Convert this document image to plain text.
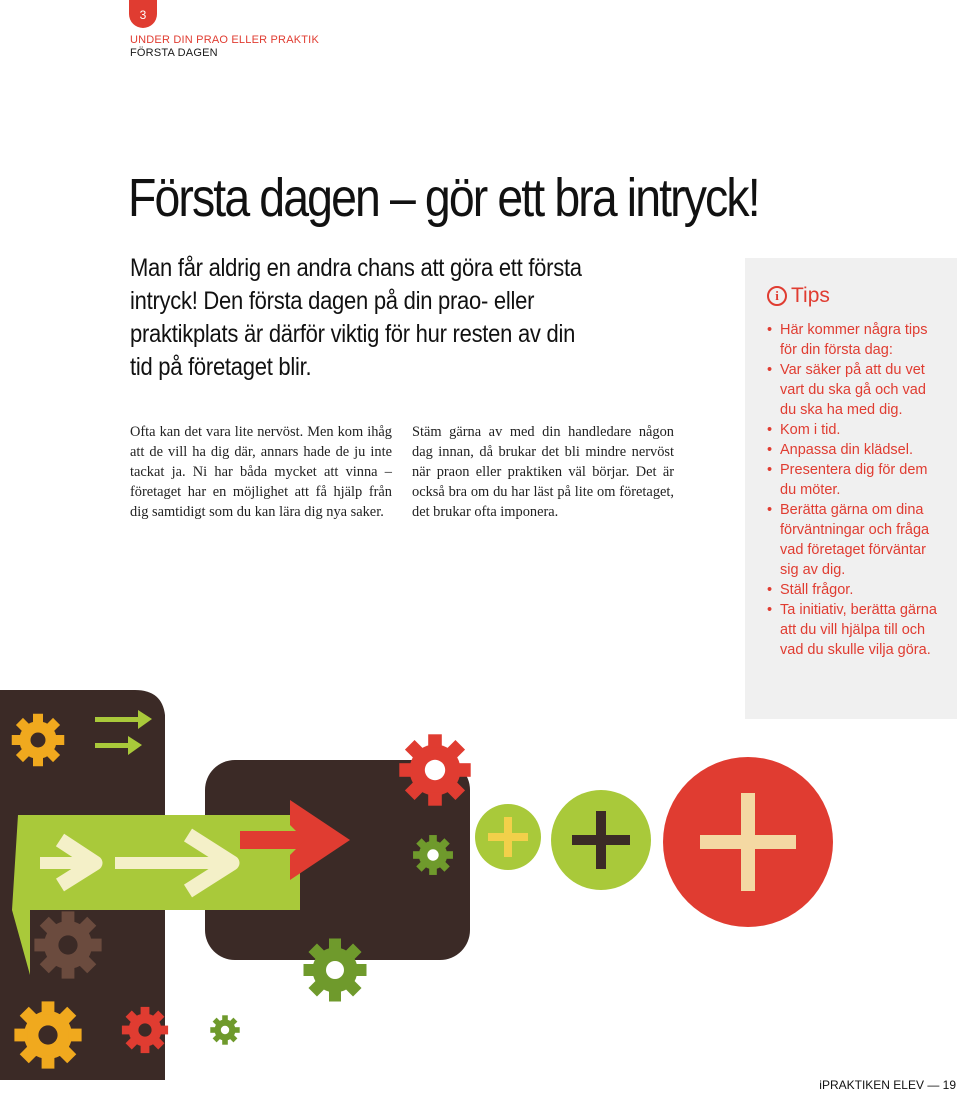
3
UNDER DIN PRAO ELLER PRAKTIK
FÖRSTA DAGEN
Första dagen – gör ett bra intryck!

Man får aldrig en andra chans att göra ett första intryck! Den första dagen på din prao- eller praktikplats är därför viktig för hur resten av din tid på företaget blir.

Ofta kan det vara lite nervöst. Men kom ihåg att de vill ha dig där, annars hade de ju inte tackat ja. Ni har båda mycket att vinna – företaget har en möjlighet att få hjälp från dig samtidigt som du kan lära dig nya saker.

Stäm gärna av med din handledare någon dag innan, då brukar det bli mindre nervöst när praon eller praktiken väl börjar. Det är också bra om du har läst på lite om företaget, det brukar ofta imponera.

i Tips
• Här kommer några tips för din första dag:
• Var säker på att du vet vart du ska gå och vad du ska ha med dig.
• Kom i tid.
• Anpassa din klädsel.
• Presentera dig för dem du möter.
• Berätta gärna om dina förväntningar och fråga vad företaget förväntar sig av dig.
• Ställ frågor.
• Ta initiativ, berätta gärna att du vill hjälpa till och vad du skulle vilja göra.
iPRAKTIKEN ELEV — 19
